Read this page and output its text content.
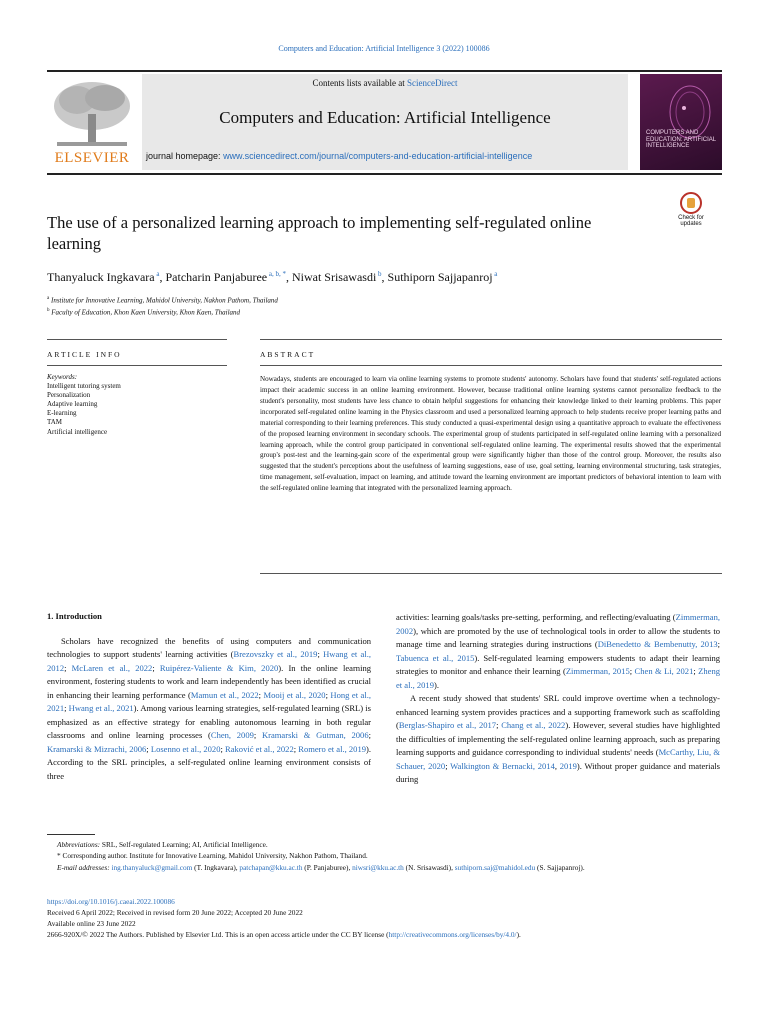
Computers and Education: Artificial Intelligence 3 (2022) 100086
ELSEVIER
Contents lists available at ScienceDirect
Computers and Education: Artificial Intelligence
journal homepage: www.sciencedirect.com/journal/computers-and-education-artificial-intelligence
COMPUTERS AND EDUCATION: ARTIFICIAL INTELLIGENCE
The use of a personalized learning approach to implementing self-regulated online learning
Check for updates
Thanyaluck Ingkavara $^a$, Patcharin Panjaburee $^{a, b, *}$, Niwat Srisawasdi $^b$, Suthiporn Sajjapanroj $^a$
$^a$ Institute for Innovative Learning, Mahidol University, Nakhon Pathom, Thailand
$^b$ Faculty of Education, Khon Kaen University, Khon Kaen, Thailand
ARTICLE INFO	ABSTRACT
Keywords:
Intelligent tutoring system
Personalization
Adaptive learning
E-learning
TAM
Artificial intelligence
Nowadays, students are encouraged to learn via online learning systems to promote students' autonomy. Scholars have found that students' self-regulated actions impact their academic success in an online learning environment. However, because traditional online learning systems cannot personalize feedback to the student's personality, most students have less chance to obtain helpful suggestions for enhancing their knowledge linked to their learning problems. This paper incorporated self-regulated online learning in the Physics classroom and used a personalized learning approach to help students receive proper learning paths and material corresponding to their learning preferences. This study conducted a quasi-experimental design using a quantitative approach to evaluate the effectiveness of the proposed learning environment in secondary schools. The experimental group of students participated in self-regulated online learning with a personalized learning approach, while the control group participated in conventional self-regulated online learning. The experimental results showed that the experimental group's post-test and the learning-gain score of the experimental group were significantly higher than those of the control group. Moreover, the results also suggested that the student's perceptions about the usefulness of learning suggestions, ease of use, goal setting, learning environmental structuring, task strategies, time management, self-evaluation, impact on learning, and attitude toward the learning environment are important predictors of behavioral intention to learn with the self-regulated online learning that integrated with the personalized learning approach.

1. Introduction

Scholars have recognized the benefits of using computers and communication technologies to support students' learning activities (Brezovszky et al., 2019; Hwang et al., 2012; McLaren et al., 2022; Ruipérez-Valiente & Kim, 2020). In the online learning environment, fostering students to work and learn independently has been identified as crucial in enhancing their learning performance (Mamun et al., 2022; Mooij et al., 2020; Hong et al., 2021; Hwang et al., 2021). Among various learning strategies, self-regulated learning (SRL) is emphasized as an effective strategy for enabling autonomous learning in both regular classrooms and online learning processes (Chen, 2009; Kramarski & Gutman, 2006; Kramarski & Mizrachi, 2006; Losenno et al., 2020; Raković et al., 2022; Romero et al., 2019). According to the SRL principles, a self-regulated online learning environment consists of three

activities: learning goals/tasks pre-setting, performing, and reflecting/evaluating (Zimmerman, 2002), which are promoted by the use of technological tools in order to allow the students to manage time and learning strategies during instructions (DiBenedetto & Bembenutty, 2013; Tabuenca et al., 2015). Self-regulated learning empowers students to adapt their learning strategies to monitor and enhance their learning (Zimmerman, 2015; Chen & Li, 2021; Zheng et al., 2019).

A recent study showed that students' SRL could improve overtime when a technology-enhanced learning system provides practices and a supporting framework such as scaffolding (Berglas-Shapiro et al., 2017; Chang et al., 2022). However, several studies have highlighted the difficulties of implementing the self-regulated online learning approach, such as preparing learning supports and guidance corresponding to individual students' needs (McCarthy, Liu, & Schauer, 2020; Walkington & Bernacki, 2014, 2019). Without proper guidance and materials during

Abbreviations: SRL, Self-regulated Learning; AI, Artificial Intelligence.

* Corresponding author. Institute for Innovative Learning, Mahidol University, Nakhon Pathom, Thailand.

E-mail addresses: ing.thanyaluck@gmail.com (T. Ingkavara), patchapan@kku.ac.th (P. Panjaburee), niwsri@kku.ac.th (N. Srisawasdi), suthiporn.saj@mahidol.edu (S. Sajjapanroj).

https://doi.org/10.1016/j.caeai.2022.100086

Received 6 April 2022; Received in revised form 20 June 2022; Accepted 20 June 2022

Available online 23 June 2022

2666-920X/© 2022 The Authors. Published by Elsevier Ltd. This is an open access article under the CC BY license (http://creativecommons.org/licenses/by/4.0/).
